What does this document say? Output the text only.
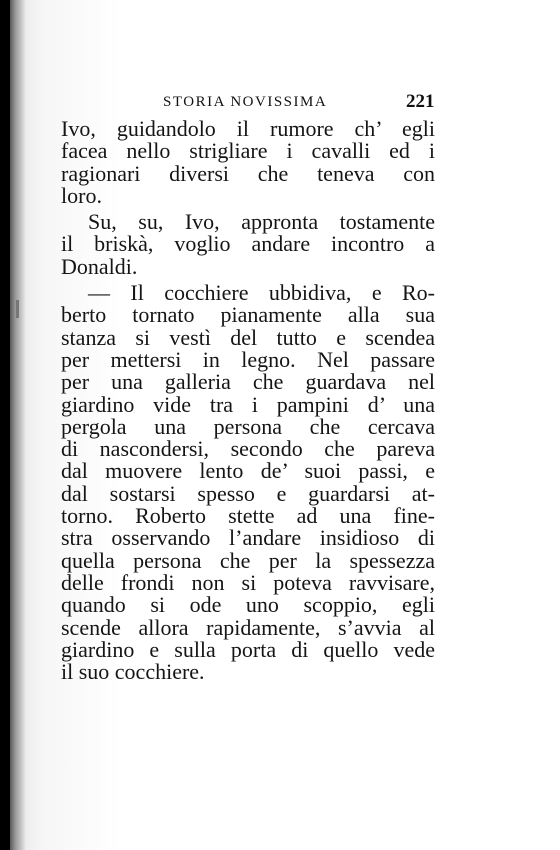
STORIA NOVISSIMA	221
Ivo, guidandolo il rumore ch’ egli
facea nello strigliare i cavalli ed i
ragionari diversi che teneva con
loro.
Su, su, Ivo, appronta tostamente
il briskà, voglio andare incontro a
Donaldi.
— Il cocchiere ubbidiva, e Ro-
berto tornato pianamente alla sua
stanza si vestì del tutto e scendea
per mettersi in legno. Nel passare
per una galleria che guardava nel
giardino vide tra i pampini d’ una
pergola una persona che cercava
di nascondersi, secondo che pareva
dal muovere lento de’ suoi passi, e
dal sostarsi spesso e guardarsi at-
torno. Roberto stette ad una fine-
stra osservando l’andare insidioso di
quella persona che per la spessezza
delle frondi non si poteva ravvisare,
quando si ode uno scoppio, egli
scende allora rapidamente, s’avvia al
giardino e sulla porta di quello vede
il suo cocchiere.
